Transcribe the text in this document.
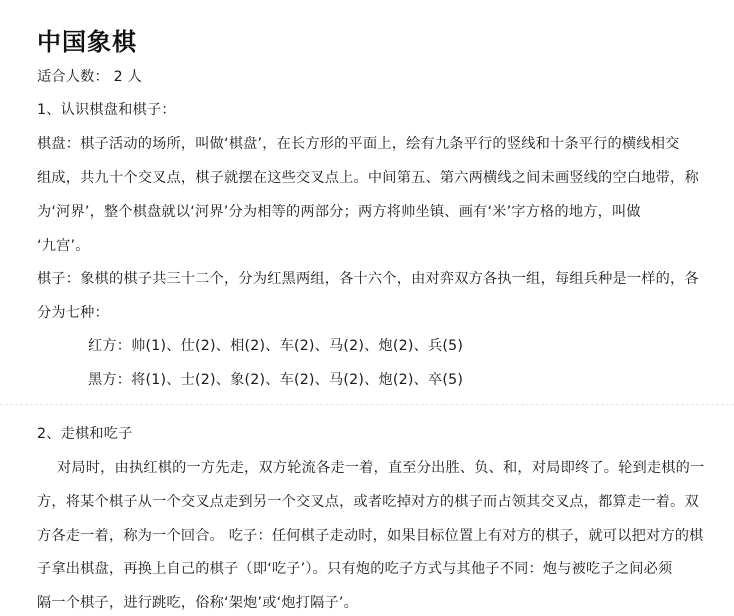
中国象棋
适合人数： 2 人
1、认识棋盘和棋子：
棋盘：棋子活动的场所，叫做‘棋盘’，在长方形的平面上，绘有九条平行的竖线和十条平行的横线相交
组成，共九十个交叉点，棋子就摆在这些交叉点上。中间第五、第六两横线之间未画竖线的空白地带，称
为‘河界’，整个棋盘就以‘河界’分为相等的两部分；两方将帅坐镇、画有‘米’字方格的地方，叫做
‘九宫’。
棋子：象棋的棋子共三十二个，分为红黑两组，各十六个，由对弈双方各执一组，每组兵种是一样的，各
分为七种：
红方：帅(1)、仕(2)、相(2)、车(2)、马(2)、炮(2)、兵(5)
黑方：将(1)、士(2)、象(2)、车(2)、马(2)、炮(2)、卒(5)
2、走棋和吃子
对局时，由执红棋的一方先走，双方轮流各走一着，直至分出胜、负、和，对局即终了。轮到走棋的一
方，将某个棋子从一个交叉点走到另一个交叉点，或者吃掉对方的棋子而占领其交叉点，都算走一着。双
方各走一着，称为一个回合。 吃子：任何棋子走动时，如果目标位置上有对方的棋子，就可以把对方的棋
子拿出棋盘，再换上自己的棋子（即‘吃子’）。只有炮的吃子方式与其他子不同：炮与被吃子之间必须
隔一个棋子，进行跳吃，俗称‘架炮’或‘炮打隔子’。
